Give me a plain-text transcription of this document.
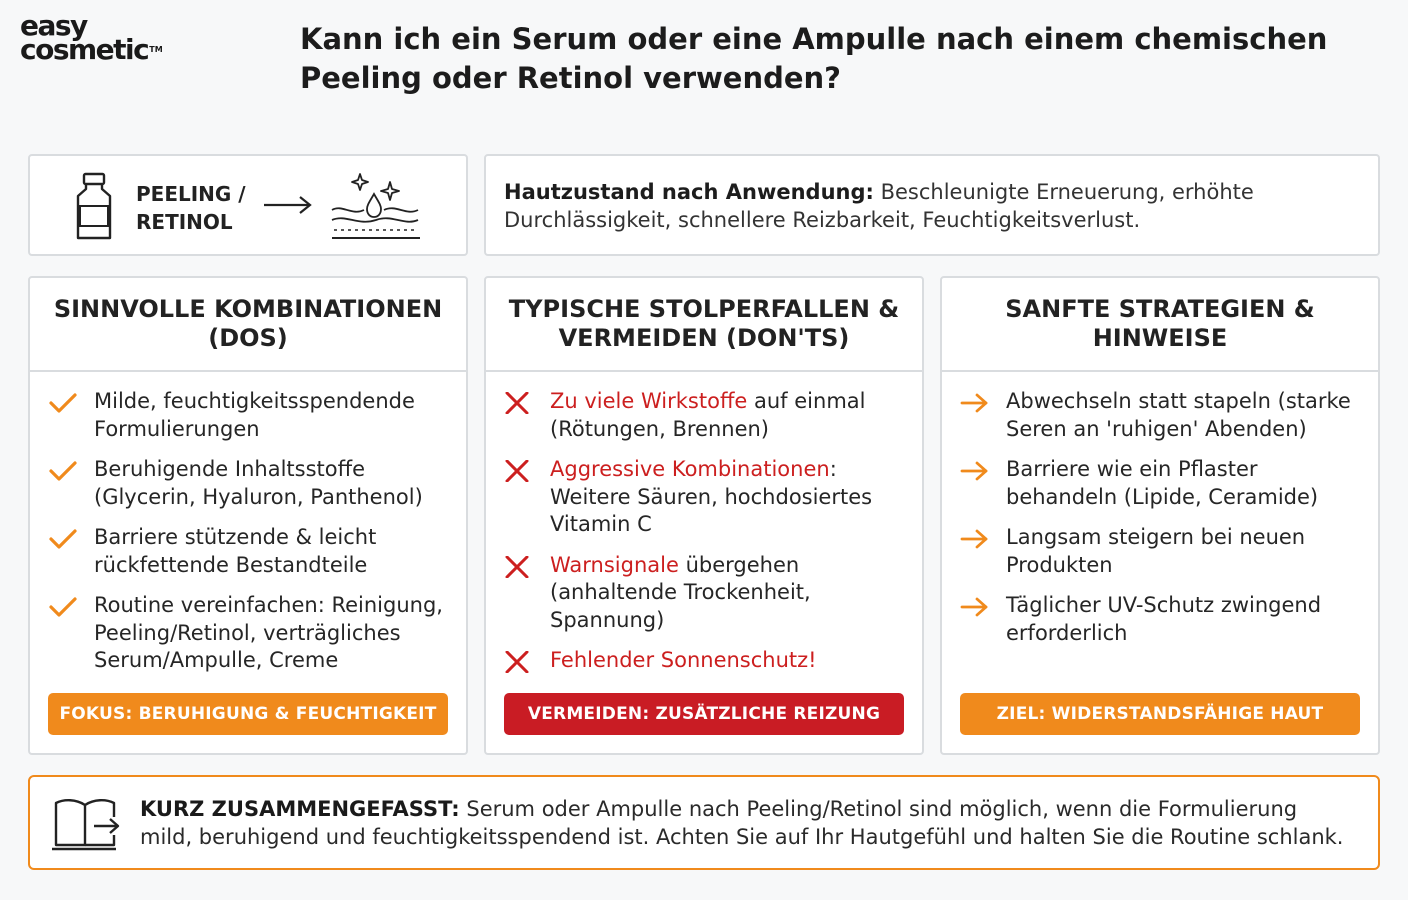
easy
cosmetic™	Kann ich ein Serum oder eine Ampulle nach einem chemischen Peeling oder Retinol verwenden?
PEELING /
RETINOL

Hautzustand nach Anwendung: Beschleunigte Erneuerung, erhöhte Durchlässigkeit, schnellere Reizbarkeit, Feuchtigkeitsverlust.

SINNVOLLE KOMBINATIONEN
(DOS)
Milde, feuchtigkeitsspendende Formulierungen
Beruhigende Inhaltsstoffe (Glycerin, Hyaluron, Panthenol)
Barriere stützende & leicht rückfettende Bestandteile
Routine vereinfachen: Reinigung, Peeling/Retinol, verträgliches Serum/Ampulle, Creme
FOKUS: BERUHIGUNG & FEUCHTIGKEIT
TYPISCHE STOLPERFALLEN &
VERMEIDEN (DON'TS)
Zu viele Wirkstoffe auf einmal (Rötungen, Brennen)
Aggressive Kombinationen: Weitere Säuren, hochdosiertes Vitamin C
Warnsignale übergehen (anhaltende Trockenheit, Spannung)
Fehlender Sonnenschutz!
VERMEIDEN: ZUSÄTZLICHE REIZUNG
SANFTE STRATEGIEN &
HINWEISE
Abwechseln statt stapeln (starke Seren an 'ruhigen' Abenden)
Barriere wie ein Pflaster behandeln (Lipide, Ceramide)
Langsam steigern bei neuen Produkten
Täglicher UV-Schutz zwingend erforderlich
ZIEL: WIDERSTANDSFÄHIGE HAUT

KURZ ZUSAMMENGEFASST: Serum oder Ampulle nach Peeling/Retinol sind möglich, wenn die Formulierung mild, beruhigend und feuchtigkeitsspendend ist. Achten Sie auf Ihr Hautgefühl und halten Sie die Routine schlank.
